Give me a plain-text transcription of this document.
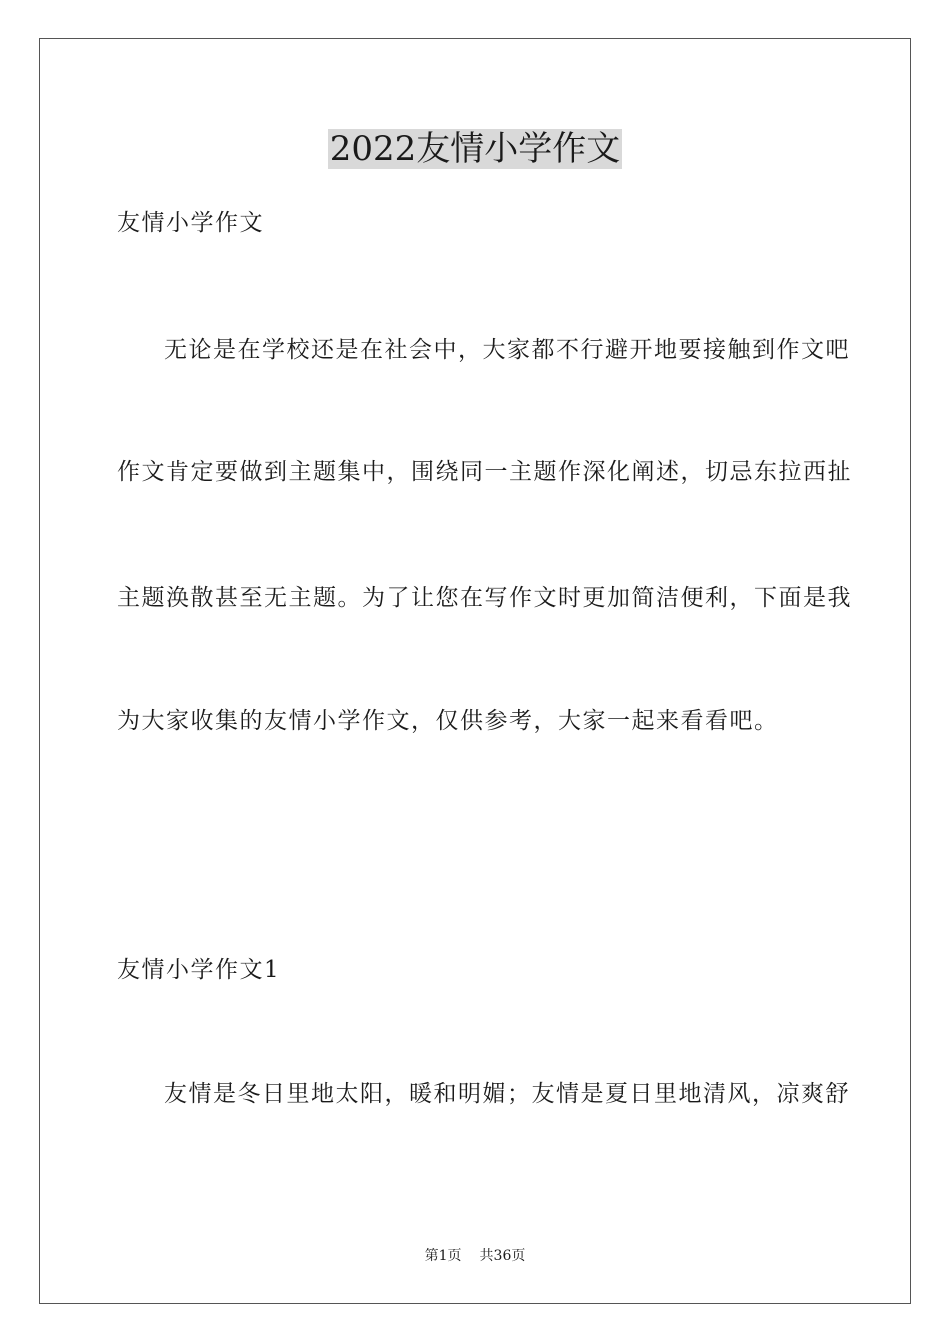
2022友情小学作文
友情小学作文
无论是在学校还是在社会中，大家都不行避开地要接触到作文吧
作文肯定要做到主题集中，围绕同一主题作深化阐述，切忌东拉西扯
主题涣散甚至无主题。为了让您在写作文时更加简洁便利，下面是我
为大家收集的友情小学作文，仅供参考，大家一起来看看吧。
友情小学作文1
友情是冬日里地太阳，暖和明媚；友情是夏日里地清风，凉爽舒
第1页 共36页
